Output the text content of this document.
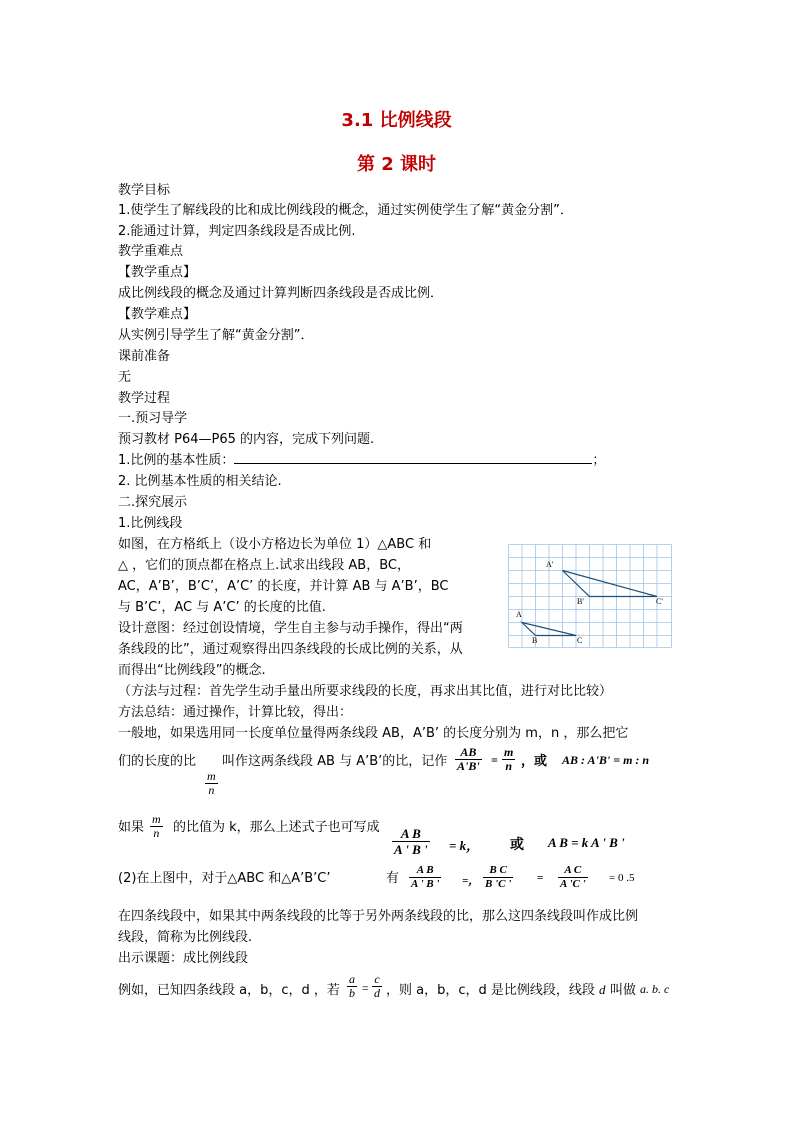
3.1 比例线段
第 2 课时
教学目标
1.使学生了解线段的比和成比例线段的概念，通过实例使学生了解“黄金分割”．
2.能通过计算，判定四条线段是否成比例.
教学重难点
【教学重点】
成比例线段的概念及通过计算判断四条线段是否成比例．
【教学难点】
从实例引导学生了解“黄金分割”．
课前准备
无
教学过程
一.预习导学
预习教材 P64—P65 的内容，完成下列问题.
1.比例的基本性质：	；
2. 比例基本性质的相关结论.
二.探究展示
1.比例线段
如图，在方格纸上（设小方格边长为单位 1）△ABC 和
△ ，它们的顶点都在格点上.试求出线段 AB，BC，
AC，A’B’，B’C’，A’C’ 的长度，并计算 AB 与 A’B’，BC
与 B’C’，AC 与 A’C’ 的长度的比值.
设计意图：经过创设情境，学生自主参与动手操作，得出“两
条线段的比”，通过观察得出四条线段的长成比例的关系，从
而得出“比例线段”的概念.
A'
B'	C'
A
B	C
（方法与过程：首先学生动手量出所要求线段的长度，再求出其比值，进行对比比较）
方法总结：通过操作，计算比较，得出：
一般地，如果选用同一长度单位量得两条线段 AB，A’B’ 的长度分别为 m，n ，那么把它
们的长度的比
m
n
叫作这两条线段 AB 与 A’B’的比，记作
AB
A'B' =
m
n ，或 AB : A'B' = m : n
如果
m
n 的比值为 k，那么上述式子也可写成	A B
A ' B ' = k， 或 A B = k A ' B '
(2)在上图中，对于△ABC 和△A’B’C’	有
A B
A ' B ' =，
B C
B 'C ' =
A C
A 'C ' = 0 .5
在四条线段中，如果其中两条线段的比等于另外两条线段的比，那么这四条线段叫作成比例
线段，简称为比例线段.
出示课题：成比例线段
例如，已知四条线段 a，b，c，d ，若
a
b =
c
d ，则 a，b，c，d 是比例线段，线段 d 叫做 a. b. c
